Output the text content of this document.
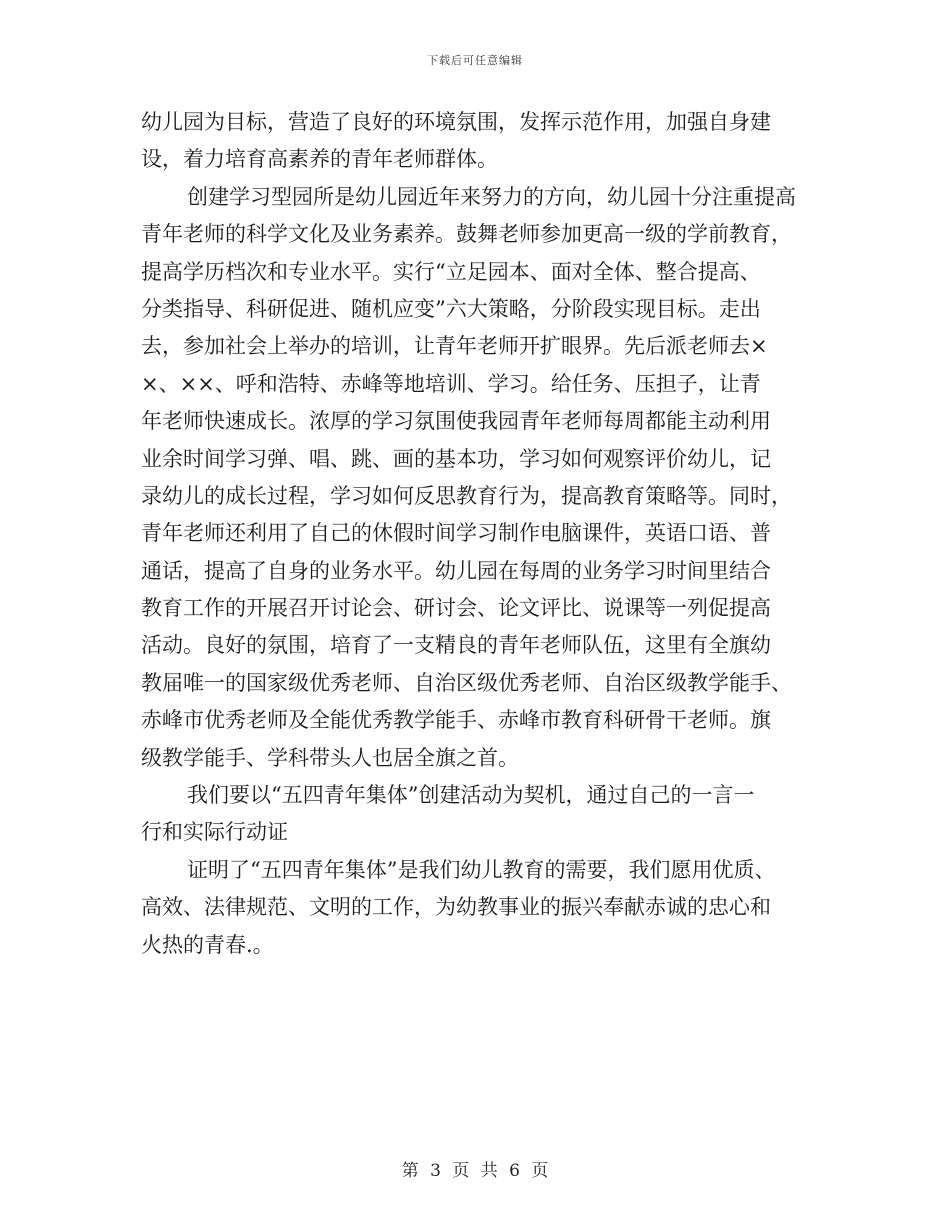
下载后可任意编辑
幼儿园为目标，营造了良好的环境氛围，发挥示范作用，加强自身建
设，着力培育高素养的青年老师群体。
创建学习型园所是幼儿园近年来努力的方向，幼儿园十分注重提高
青年老师的科学文化及业务素养。鼓舞老师参加更高一级的学前教育，
提高学历档次和专业水平。实行“立足园本、面对全体、整合提高、
分类指导、科研促进、随机应变”六大策略，分阶段实现目标。走出
去，参加社会上举办的培训，让青年老师开扩眼界。先后派老师去×
×、××、呼和浩特、赤峰等地培训、学习。给任务、压担子，让青
年老师快速成长。浓厚的学习氛围使我园青年老师每周都能主动利用
业余时间学习弹、唱、跳、画的基本功，学习如何观察评价幼儿，记
录幼儿的成长过程，学习如何反思教育行为，提高教育策略等。同时，
青年老师还利用了自己的休假时间学习制作电脑课件，英语口语、普
通话，提高了自身的业务水平。幼儿园在每周的业务学习时间里结合
教育工作的开展召开讨论会、研讨会、论文评比、说课等一列促提高
活动。良好的氛围，培育了一支精良的青年老师队伍，这里有全旗幼
教届唯一的国家级优秀老师、自治区级优秀老师、自治区级教学能手、
赤峰市优秀老师及全能优秀教学能手、赤峰市教育科研骨干老师。旗
级教学能手、学科带头人也居全旗之首。
我们要以“五四青年集体”创建活动为契机，通过自己的一言一
行和实际行动证
证明了“五四青年集体”是我们幼儿教育的需要，我们愿用优质、
高效、法律规范、文明的工作，为幼教事业的振兴奉献赤诚的忠心和
火热的青春.。
第 3 页 共 6 页
